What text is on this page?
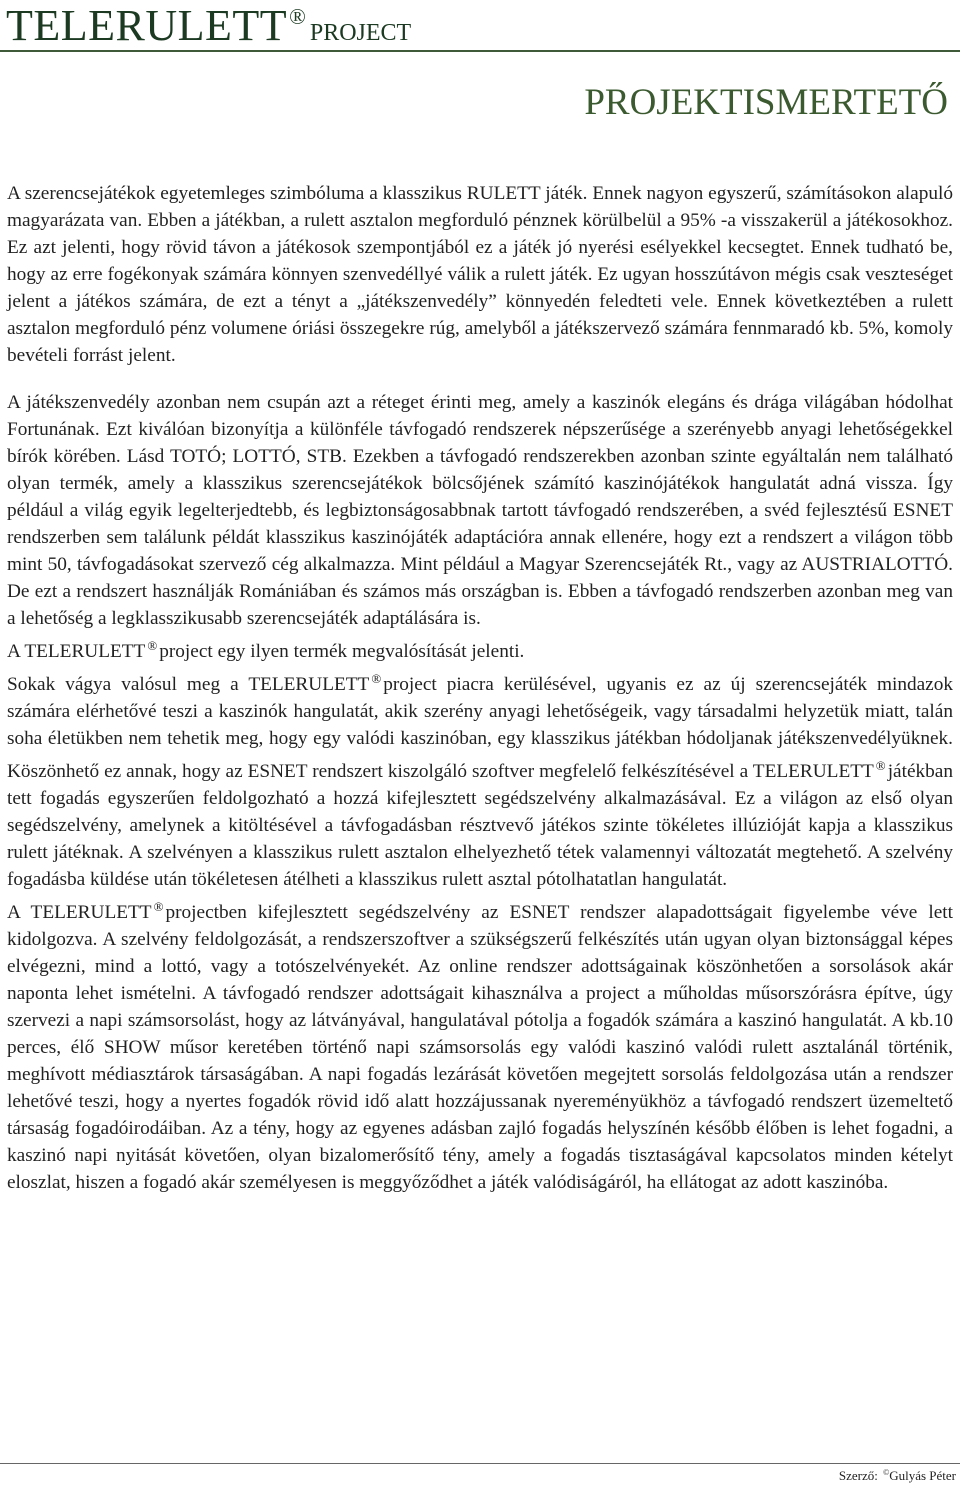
TELERULETT®PROJECT
PROJEKTISMERTETŐ

A szerencsejátékok egyetemleges szimbóluma a klasszikus RULETT játék. Ennek nagyon egyszerű, számításokon alapuló magyarázata van. Ebben a játékban, a rulett asztalon megforduló pénznek körülbelül a 95% -a visszakerül a játékosokhoz. Ez azt jelenti, hogy rövid távon a játékosok szempontjából ez a játék jó nyerési esélyekkel kecsegtet. Ennek tudható be, hogy az erre fogékonyak számára könnyen szenvedéllyé válik a rulett játék. Ez ugyan hosszútávon mégis csak veszteséget jelent a játékos számára, de ezt a tényt a „játékszenvedély” könnyedén feledteti vele. Ennek következtében a rulett asztalon megforduló pénz volumene óriási összegekre rúg, amelyből a játékszervező számára fennmaradó kb. 5%, komoly bevételi forrást jelent.

A játékszenvedély azonban nem csupán azt a réteget érinti meg, amely a kaszinók elegáns és drága világában hódolhat Fortunának. Ezt kiválóan bizonyítja a különféle távfogadó rendszerek népszerűsége a szerényebb anyagi lehetőségekkel bírók körében. Lásd TOTÓ; LOTTÓ, STB. Ezekben a távfogadó rendszerekben azonban szinte egyáltalán nem található olyan termék, amely a klasszikus szerencsejátékok bölcsőjének számító kaszinójátékok hangulatát adná vissza. Így például a világ egyik legelterjedtebb, és legbiztonságosabbnak tartott távfogadó rendszerében, a svéd fejlesztésű ESNET rendszerben sem találunk példát klasszikus kaszinójáték adaptációra annak ellenére, hogy ezt a rendszert a világon több mint 50, távfogadásokat szervező cég alkalmazza. Mint például a Magyar Szerencsejáték Rt., vagy az AUSTRIALOTTÓ. De ezt a rendszert használják Romániában és számos más országban is. Ebben a távfogadó rendszerben azonban meg van a lehetőség a legklasszikusabb szerencsejáték adaptálására is.

A TELERULETT ® project egy ilyen termék megvalósítását jelenti.

Sokak vágya valósul meg a TELERULETT ® project piacra kerülésével, ugyanis ez az új szerencsejáték mindazok számára elérhetővé teszi a kaszinók hangulatát, akik szerény anyagi lehetőségeik, vagy társadalmi helyzetük miatt, talán soha életükben nem tehetik meg, hogy egy valódi kaszinóban, egy klasszikus játékban hódoljanak játékszenvedélyüknek. Köszönhető ez annak, hogy az ESNET rendszert kiszolgáló szoftver megfelelő felkészítésével a TELERULETT ® játékban tett fogadás egyszerűen feldolgozható a hozzá kifejlesztett segédszelvény alkalmazásával. Ez a világon az első olyan segédszelvény, amelynek a kitöltésével a távfogadásban résztvevő játékos szinte tökéletes illúzióját kapja a klasszikus rulett játéknak. A szelvényen a klasszikus rulett asztalon elhelyezhető tétek valamennyi változatát megtehető. A szelvény fogadásba küldése után tökéletesen átélheti a klasszikus rulett asztal pótolhatatlan hangulatát.

A TELERULETT ® projectben kifejlesztett segédszelvény az ESNET rendszer alapadottságait figyelembe véve lett kidolgozva. A szelvény feldolgozását, a rendszerszoftver a szükségszerű felkészítés után ugyan olyan biztonsággal képes elvégezni, mind a lottó, vagy a totószelvényekét. Az online rendszer adottságainak köszönhetően a sorsolások akár naponta lehet ismételni. A távfogadó rendszer adottságait kihasználva a project a műholdas műsorszórásra építve, úgy szervezi a napi számsorsolást, hogy az látványával, hangulatával pótolja a fogadók számára a kaszinó hangulatát. A kb.10 perces, élő SHOW műsor keretében történő napi számsorsolás egy valódi kaszinó valódi rulett asztalánál történik, meghívott médiasztárok társaságában. A napi fogadás lezárását követően megejtett sorsolás feldolgozása után a rendszer lehetővé teszi, hogy a nyertes fogadók rövid idő alatt hozzájussanak nyereményükhöz a távfogadó rendszert üzemeltető társaság fogadóirodáiban. Az a tény, hogy az egyenes adásban zajló fogadás helyszínén később élőben is lehet fogadni, a kaszinó napi nyitását követően, olyan bizalomerősítő tény, amely a fogadás tisztaságával kapcsolatos minden kételyt eloszlat, hiszen a fogadó akár személyesen is meggyőződhet a játék valódiságáról, ha ellátogat az adott kaszinóba.

Szerző: ©Gulyás Péter
